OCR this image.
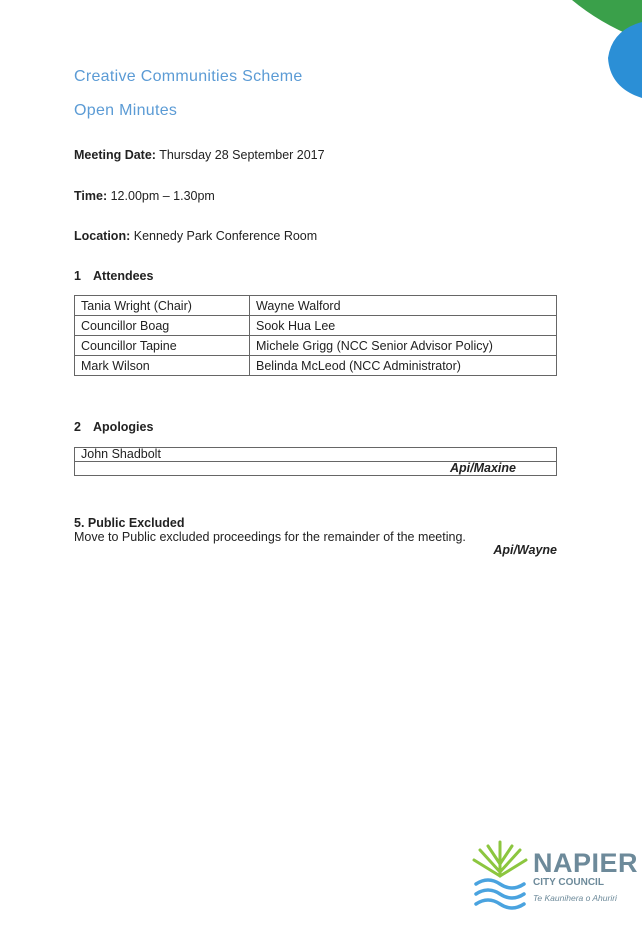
Creative Communities Scheme
Open Minutes

Meeting Date: Thursday 28 September 2017

Time: 12.00pm – 1.30pm

Location: Kennedy Park Conference Room

1 Attendees

Tania Wright (Chair)	Wayne Walford
Councillor Boag	Sook Hua Lee
Councillor Tapine	Michele Grigg (NCC Senior Advisor Policy)
Mark Wilson	Belinda McLeod (NCC Administrator)

2 Apologies

John Shadbolt
Api/Maxine

5. Public Excluded

Move to Public excluded proceedings for the remainder of the meeting.

Api/Wayne

NAPIER

CITY COUNCIL

Te Kaunihera o Ahuriri
